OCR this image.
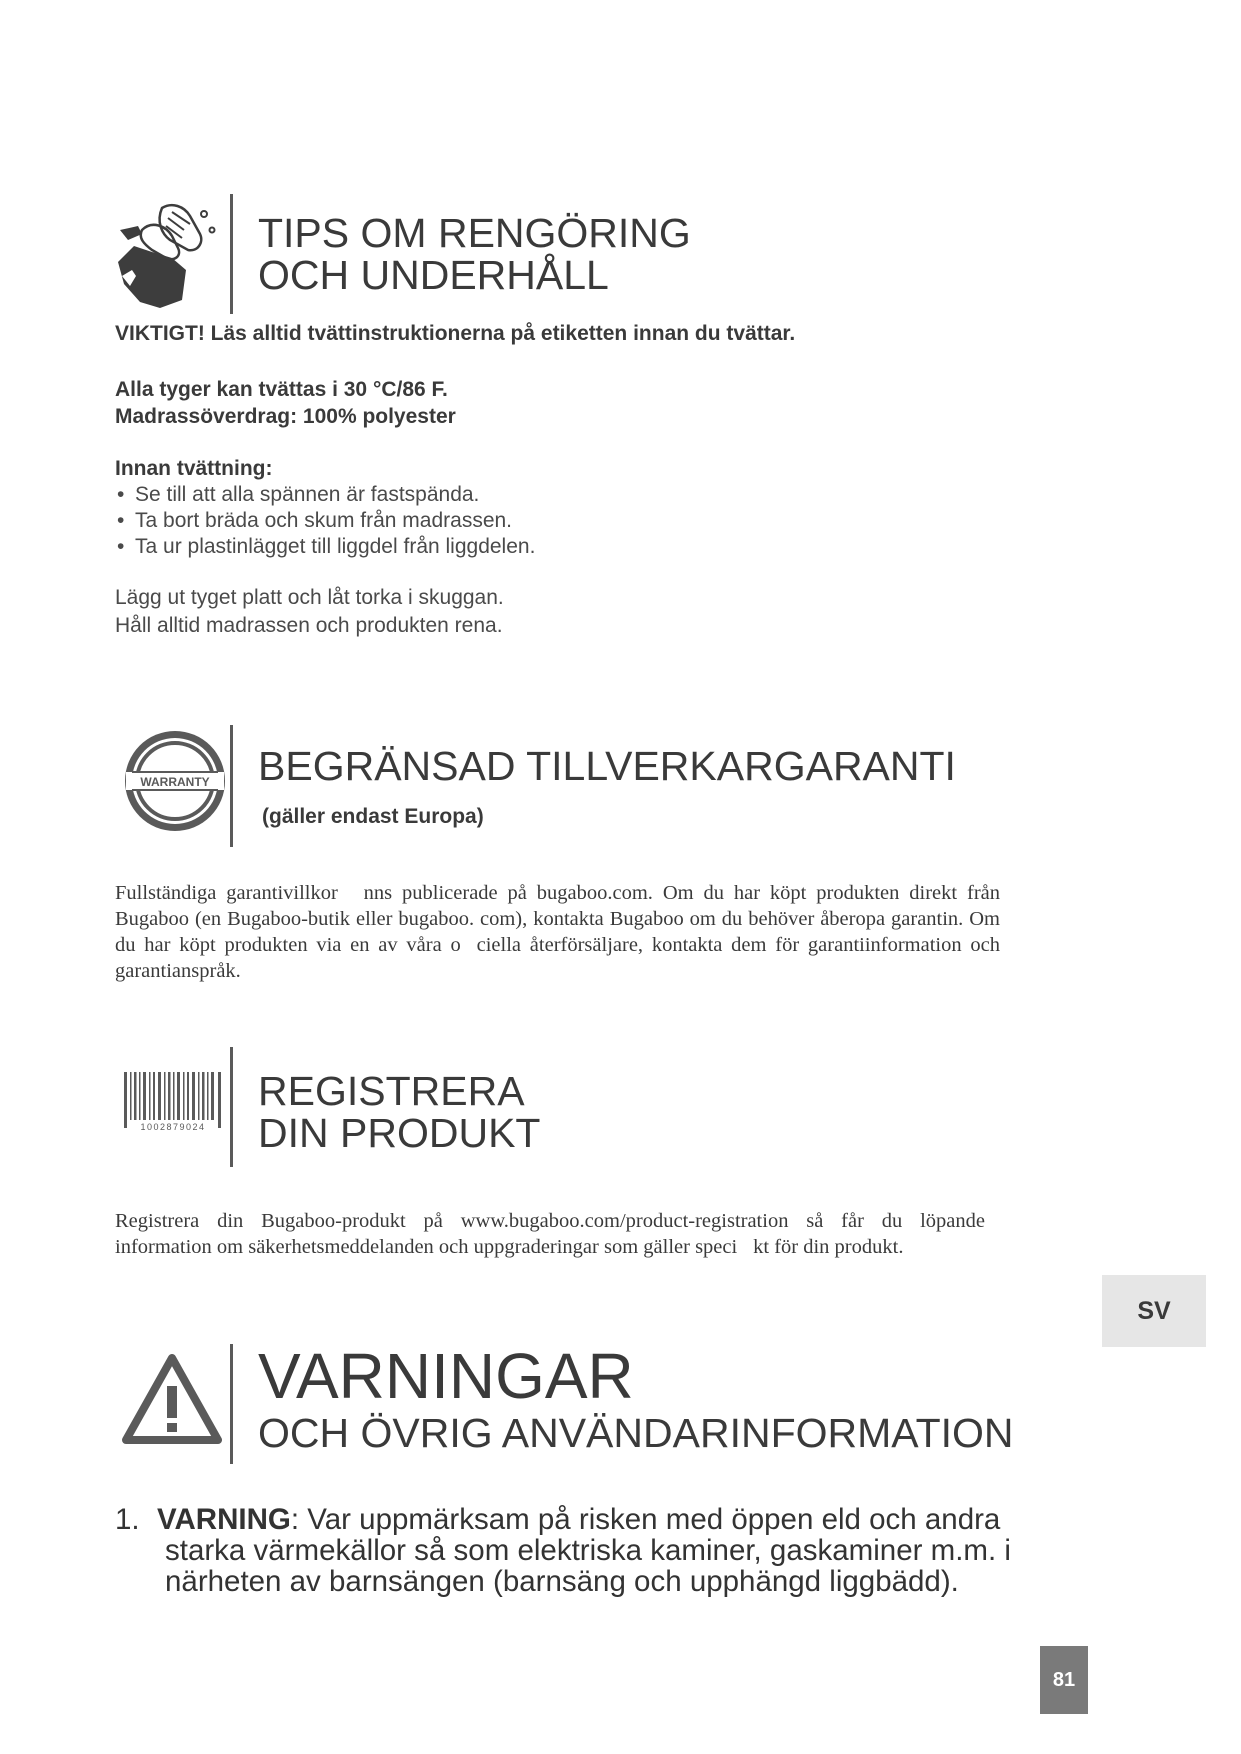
TIPS OM RENGÖRING
OCH UNDERHÅLL
VIKTIGT! Läs alltid tvättinstruktionerna på etiketten innan du tvättar.
Alla tyger kan tvättas i 30 °C/86 F.
Madrassöverdrag: 100% polyester
Innan tvättning:
• Se till att alla spännen är fastspända.
• Ta bort bräda och skum från madrassen.
• Ta ur plastinlägget till liggdel från liggdelen.
Lägg ut tyget platt och låt torka i skuggan.
Håll alltid madrassen och produkten rena.
WARRANTY BEGRÄNSAD TILLVERKARGARANTI
(gäller endast Europa)
Fullständiga garantivillkor  nns publicerade på bugaboo.com. Om du har köpt produkten direkt från Bugaboo (en Bugaboo-butik eller bugaboo. com), kontakta Bugaboo om du behöver åberopa garantin. Om du har köpt produkten via en av våra o ciella återförsäljare, kontakta dem för garantiinformation och garantianspråk.
1002879024
REGISTRERA
DIN PRODUKT
Registrera din Bugaboo-produkt på www.bugaboo.com/product-registration så får du löpande information om säkerhetsmeddelanden och uppgraderingar som gäller speci kt för din produkt.
SV
VARNINGAR
OCH ÖVRIG ANVÄNDARINFORMATION
1. VARNING: Var uppmärksam på risken med öppen eld och andra starka värmekällor så som elektriska kaminer, gaskaminer m.m. i närheten av barnsängen (barnsäng och upphängd liggbädd).
81
